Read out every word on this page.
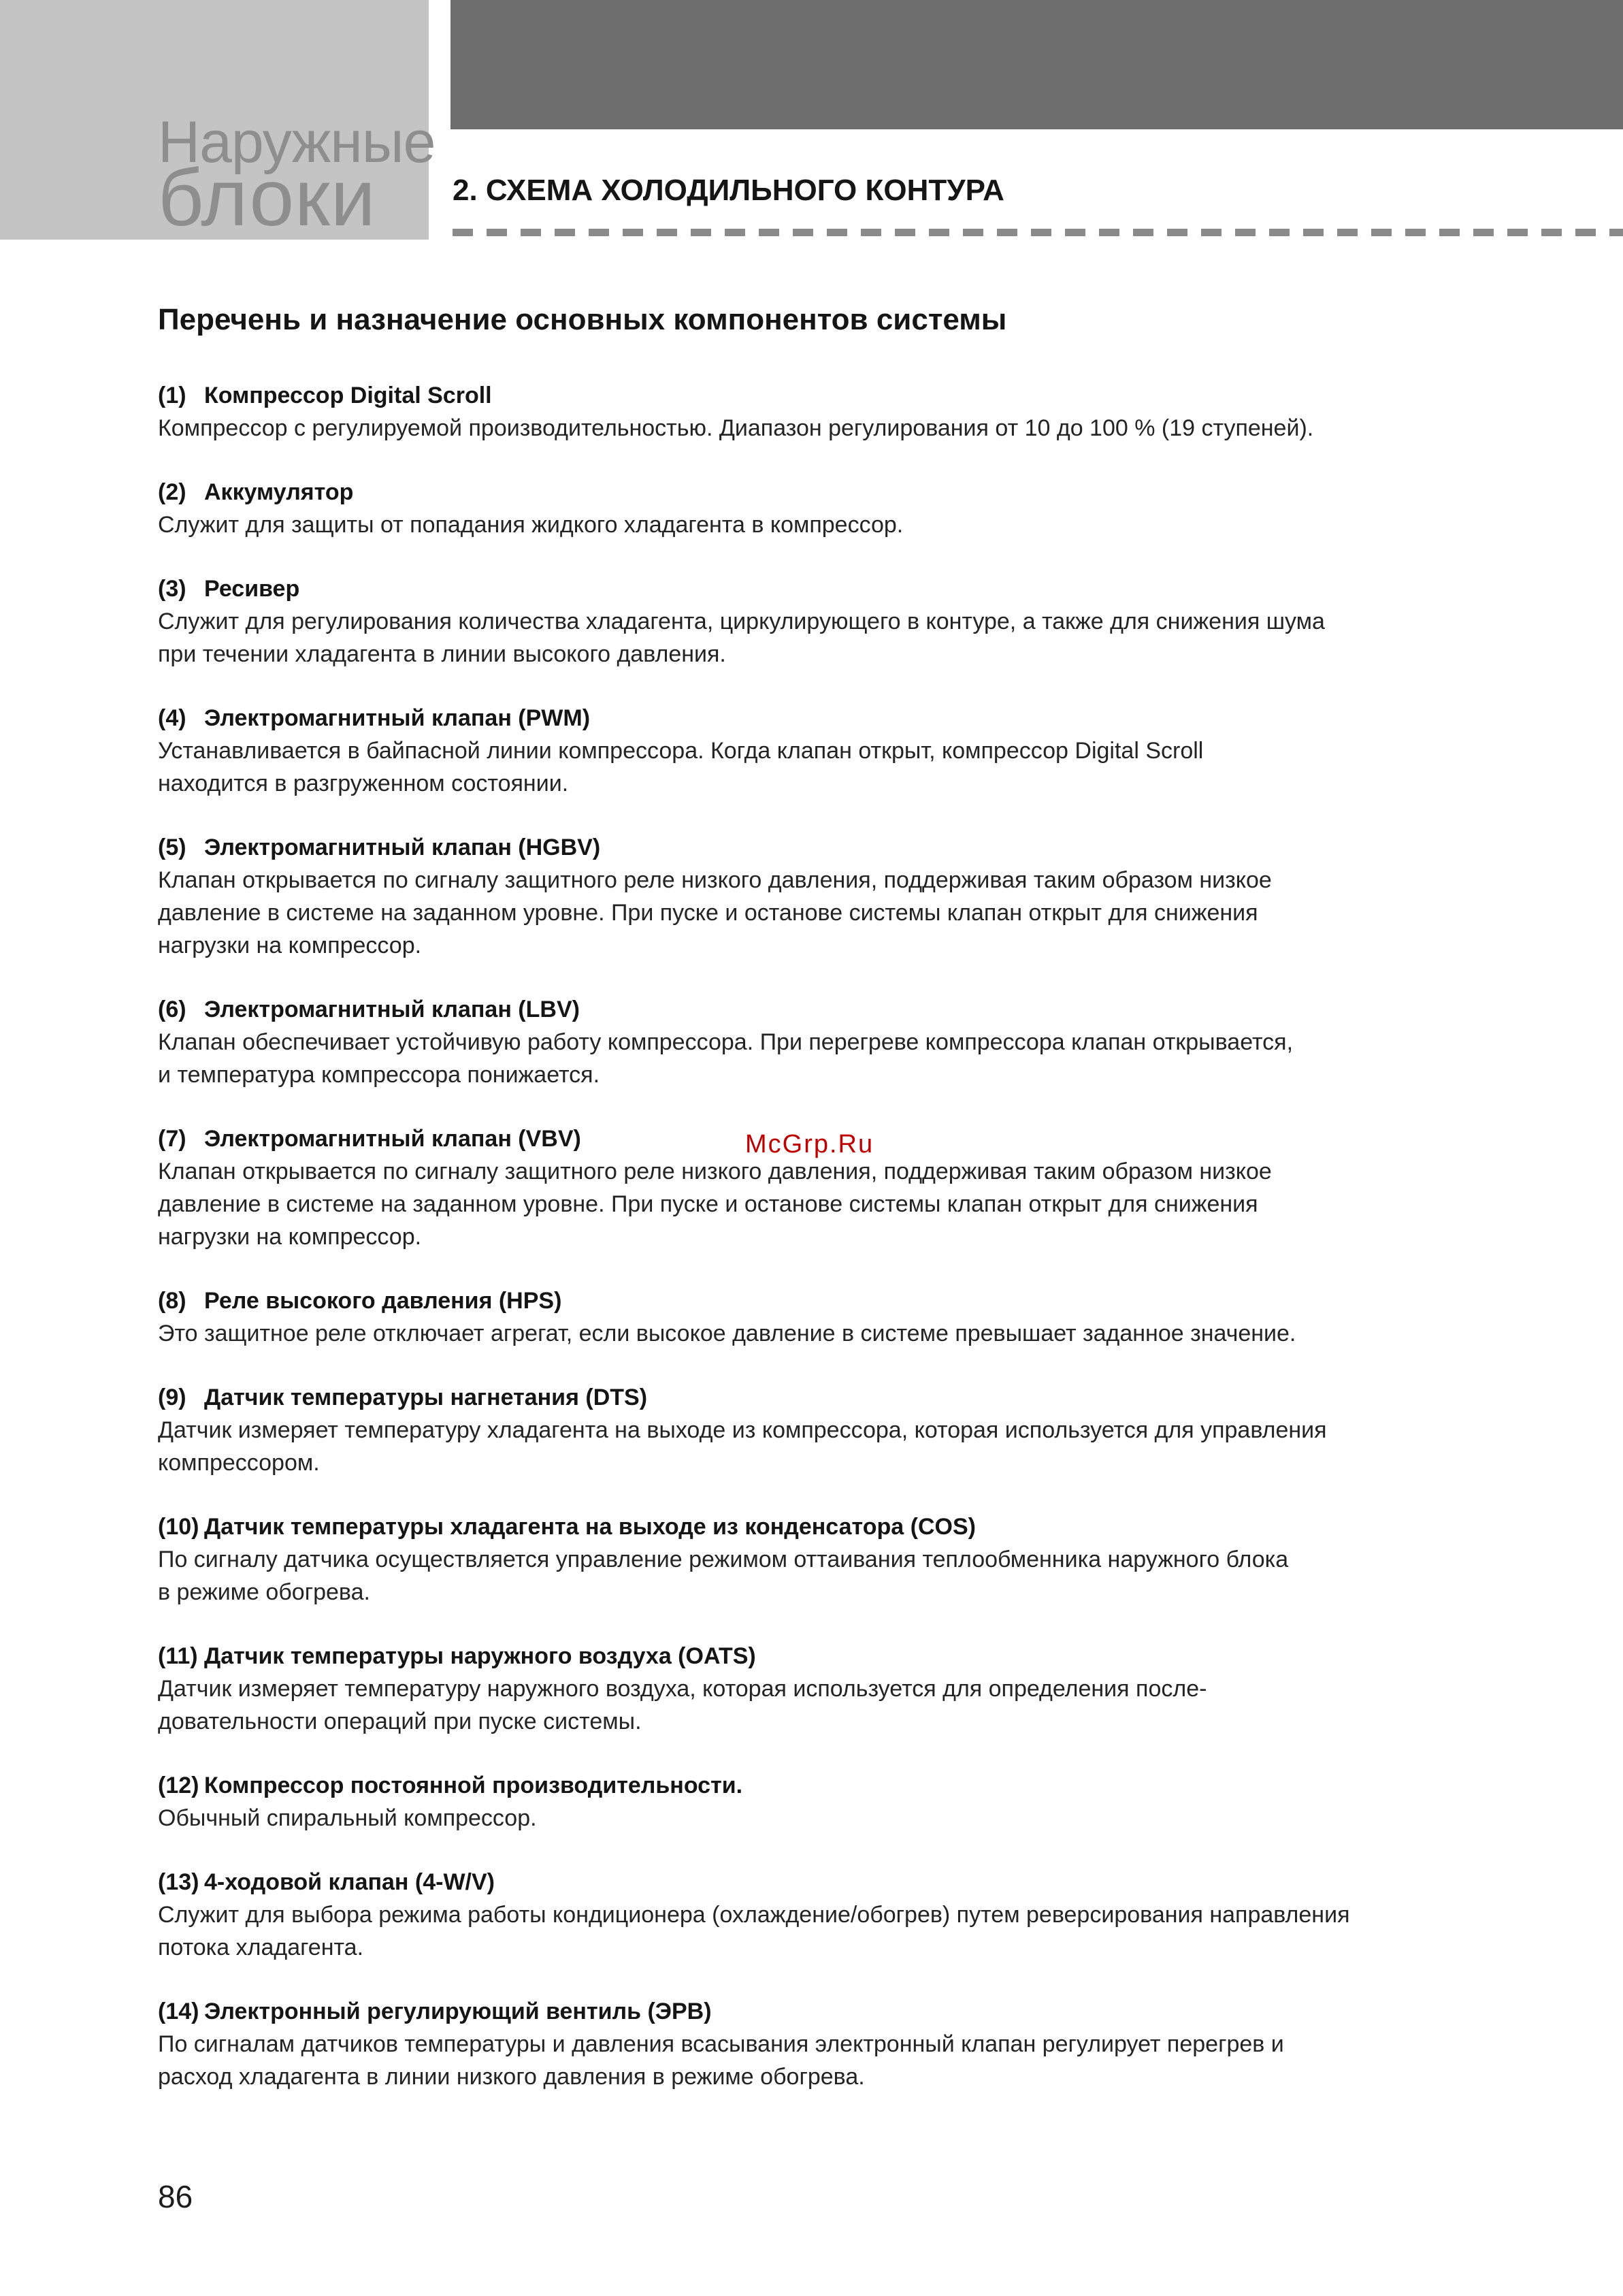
Наружные
блоки	2. СХЕМА ХОЛОДИЛЬНОГО КОНТУРА
Перечень и назначение основных компонентов системы
(1) Компрессор Digital Scroll
Компрессор с регулируемой производительностью. Диапазон регулирования от 10 до 100 % (19 ступеней).
(2) Аккумулятор
Служит для защиты от попадания жидкого хладагента в компрессор.
(3) Ресивер
Служит для регулирования количества хладагента, циркулирующего в контуре, а также для снижения шума
при течении хладагента в линии высокого давления.
(4) Электромагнитный клапан (PWM)
Устанавливается в байпасной линии компрессора. Когда клапан открыт, компрессор Digital Scroll
находится в разгруженном состоянии.
(5) Электромагнитный клапан (HGBV)
Клапан открывается по сигналу защитного реле низкого давления, поддерживая таким образом низкое
давление в системе на заданном уровне. При пуске и останове системы клапан открыт для снижения
нагрузки на компрессор.
(6) Электромагнитный клапан (LBV)
Клапан обеспечивает устойчивую работу компрессора. При перегреве компрессора клапан открывается,
и температура компрессора понижается.
(7) Электромагнитный клапан (VBV)
Клапан открывается по сигналу защитного реле низкого давления, поддерживая таким образом низкое
давление в системе на заданном уровне. При пуске и останове системы клапан открыт для снижения
нагрузки на компрессор.
(8) Реле высокого давления (HPS)
Это защитное реле отключает агрегат, если высокое давление в системе превышает заданное значение.
(9) Датчик температуры нагнетания (DTS)
Датчик измеряет температуру хладагента на выходе из компрессора, которая используется для управления
компрессором.
(10) Датчик температуры хладагента на выходе из конденсатора (COS)
По сигналу датчика осуществляется управление режимом оттаивания теплообменника наружного блока
в режиме обогрева.
(11) Датчик температуры наружного воздуха (OATS)
Датчик измеряет температуру наружного воздуха, которая используется для определения после-
довательности операций при пуске системы.
(12) Компрессор постоянной производительности.
Обычный спиральный компрессор.
(13) 4-ходовой клапан (4-W/V)
Служит для выбора режима работы кондиционера (охлаждение/обогрев) путем реверсирования направления
потока хладагента.
(14) Электронный регулирующий вентиль (ЭРВ)
По сигналам датчиков температуры и давления всасывания электронный клапан регулирует перегрев и
расход хладагента в линии низкого давления в режиме обогрева.
McGrp.Ru
86
